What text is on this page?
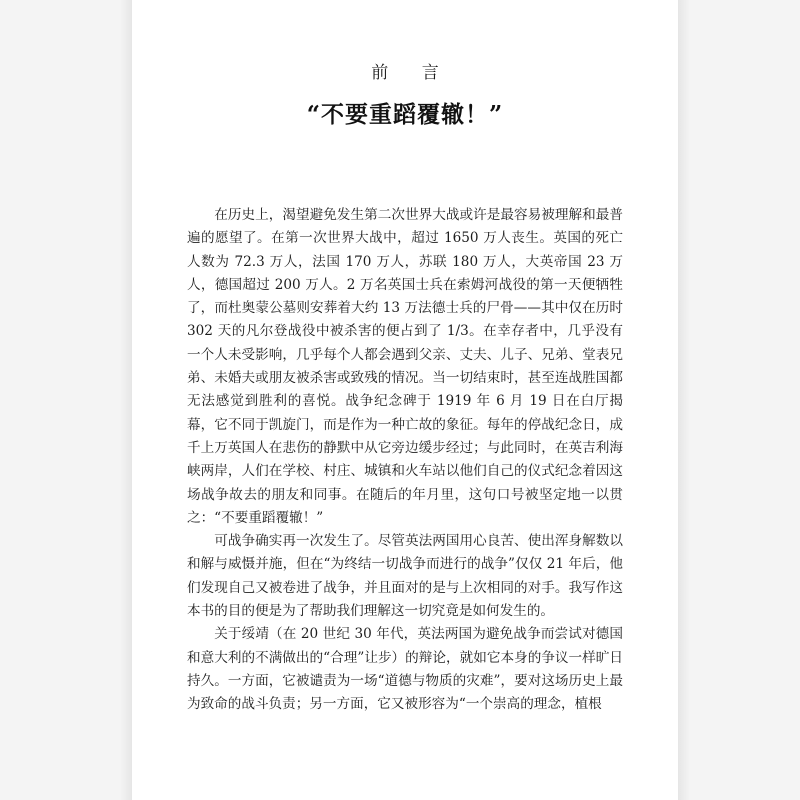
前 言
“不要重蹈覆辙！”

在历史上，渴望避免发生第二次世界大战或许是最容易被理解和最普遍的愿望了。在第一次世界大战中，超过 1650 万人丧生。英国的死亡人数为 72.3 万人，法国 170 万人，苏联 180 万人，大英帝国 23 万人，德国超过 200 万人。2 万名英国士兵在索姆河战役的第一天便牺牲了，而杜奥蒙公墓则安葬着大约 13 万法德士兵的尸骨——其中仅在历时 302 天的凡尔登战役中被杀害的便占到了 1/3。在幸存者中，几乎没有一个人未受影响，几乎每个人都会遇到父亲、丈夫、儿子、兄弟、堂表兄弟、未婚夫或朋友被杀害或致残的情况。当一切结束时，甚至连战胜国都无法感觉到胜利的喜悦。战争纪念碑于 1919 年 6 月 19 日在白厅揭幕，它不同于凯旋门，而是作为一种亡故的象征。每年的停战纪念日，成千上万英国人在悲伤的静默中从它旁边缓步经过；与此同时，在英吉利海峡两岸，人们在学校、村庄、城镇和火车站以他们自己的仪式纪念着因这场战争故去的朋友和同事。在随后的年月里，这句口号被坚定地一以贯之：“不要重蹈覆辙！”

可战争确实再一次发生了。尽管英法两国用心良苦、使出浑身解数以和解与威慑并施，但在“为终结一切战争而进行的战争”仅仅 21 年后，他们发现自己又被卷进了战争，并且面对的是与上次相同的对手。我写作这本书的目的便是为了帮助我们理解这一切究竟是如何发生的。

关于绥靖（在 20 世纪 30 年代，英法两国为避免战争而尝试对德国和意大利的不满做出的“合理”让步）的辩论，就如它本身的争议一样旷日持久。一方面，它被谴责为一场“道德与物质的灾难”，要对这场历史上最为致命的战斗负责；另一方面，它又被形容为“一个崇高的理念，植根
